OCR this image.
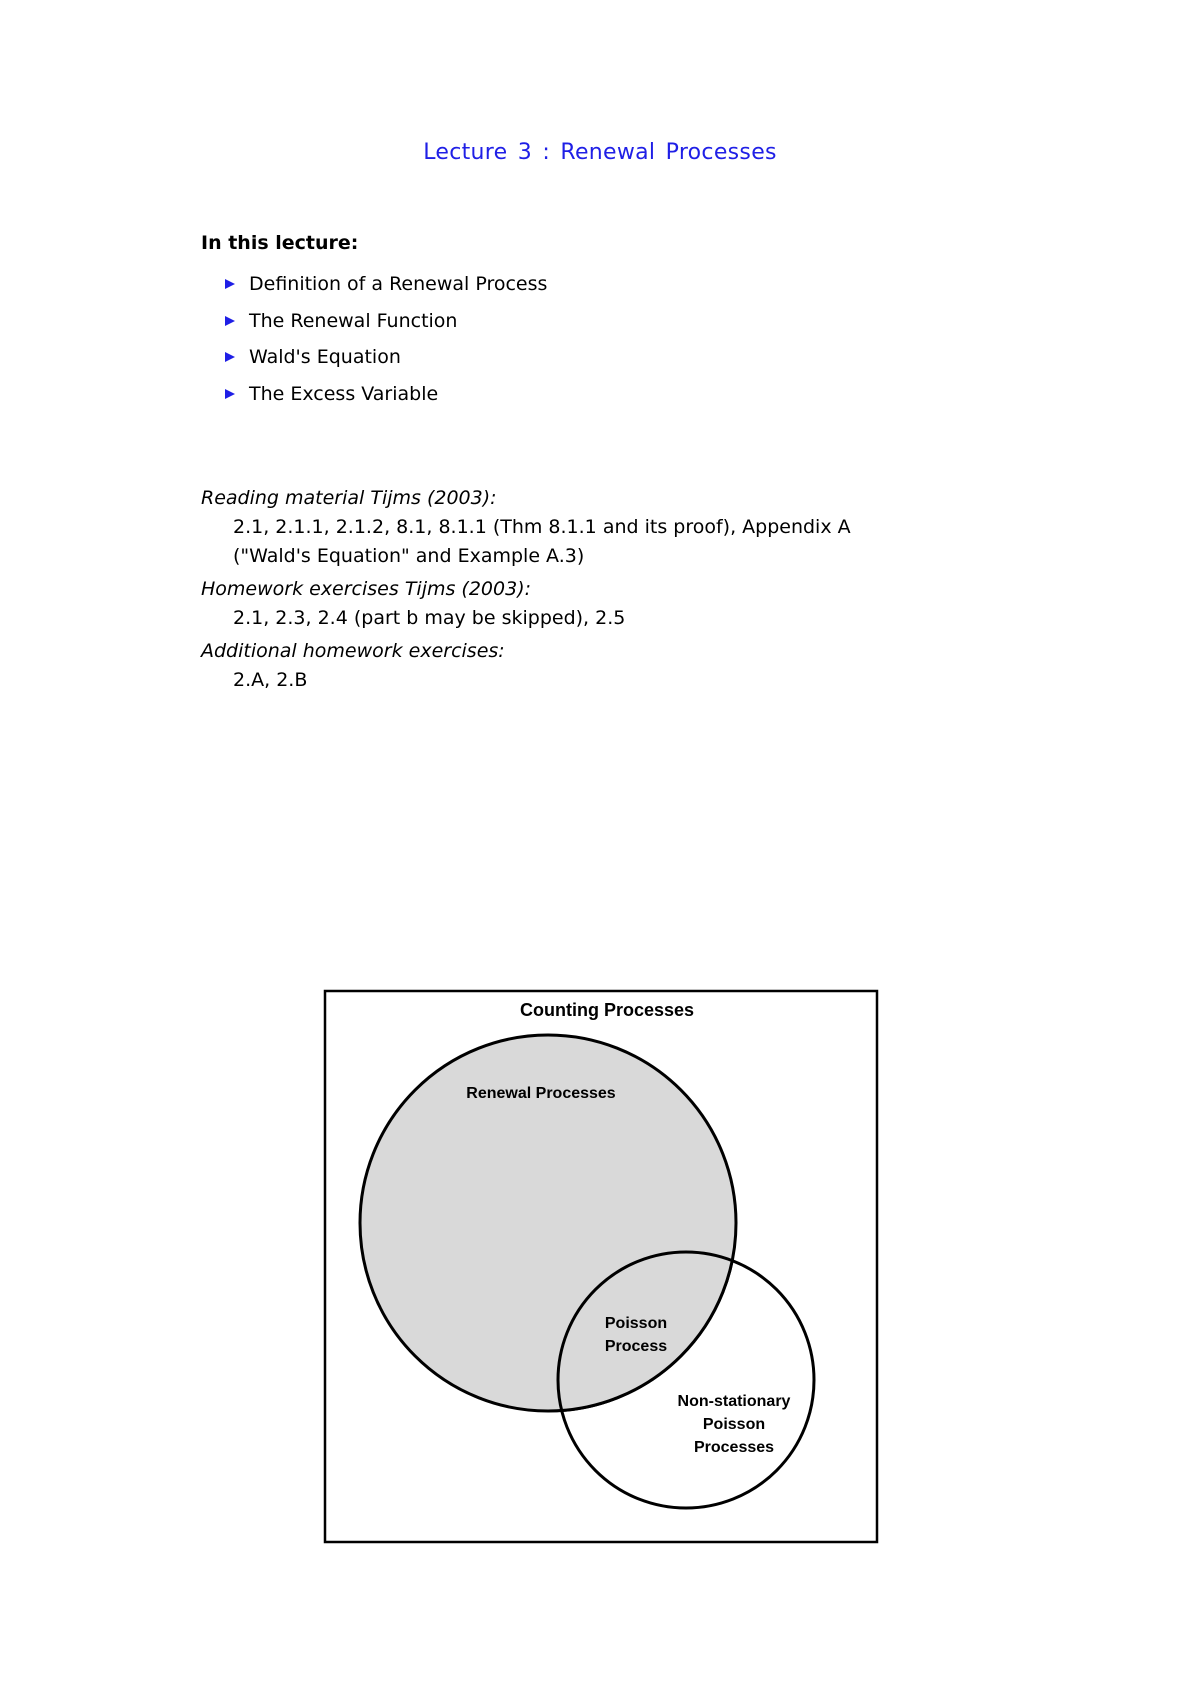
Lecture 3 : Renewal Processes
In this lecture:
Definition of a Renewal Process
The Renewal Function
Wald's Equation
The Excess Variable
Reading material Tijms (2003):
2.1, 2.1.1, 2.1.2, 8.1, 8.1.1 (Thm 8.1.1 and its proof), Appendix A
("Wald's Equation" and Example A.3)
Homework exercises Tijms (2003):
2.1, 2.3, 2.4 (part b may be skipped), 2.5
Additional homework exercises:
2.A, 2.B
Counting Processes
Renewal Processes
Poisson
Process
Non-stationary
Poisson
Processes
